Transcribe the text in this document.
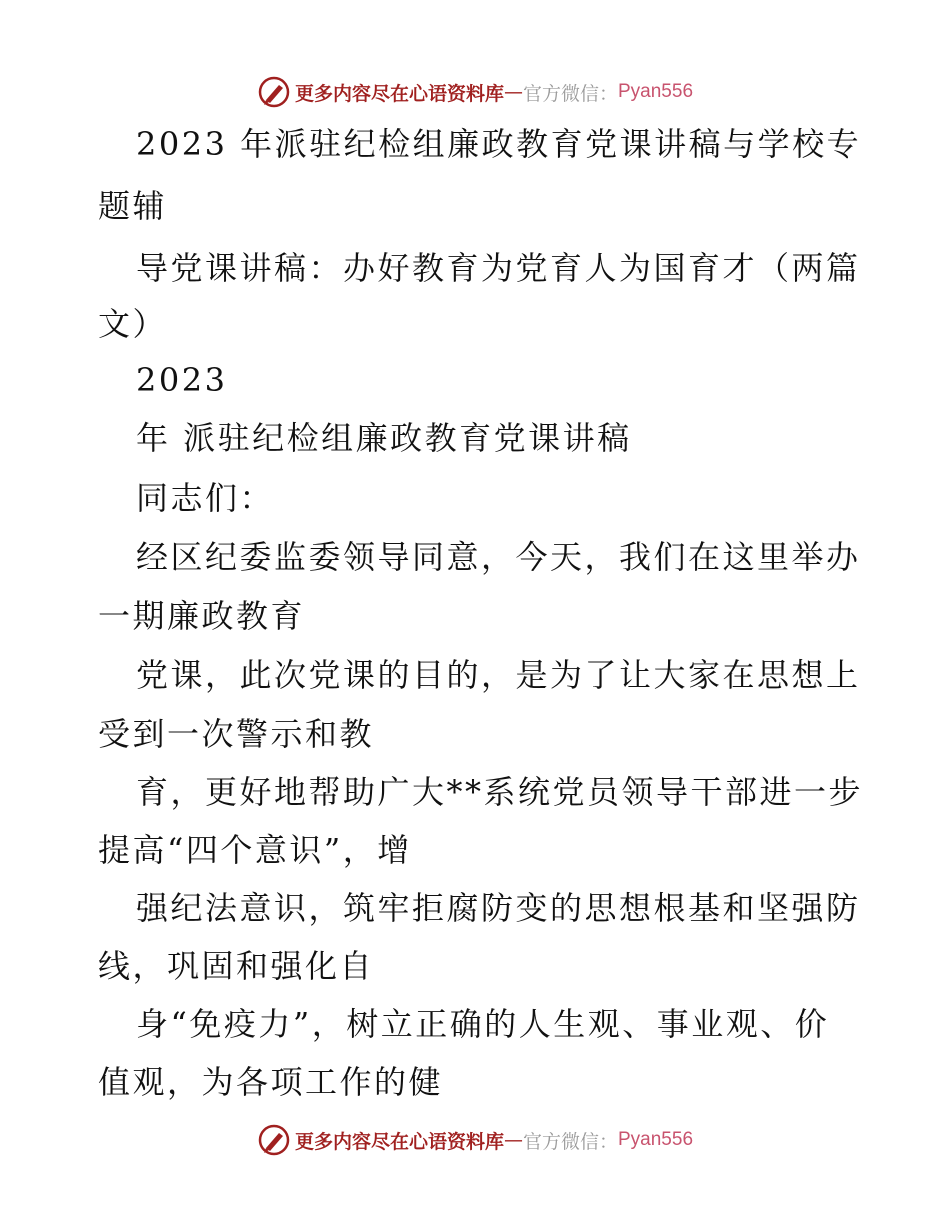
更多内容尽在心语资料库 — 官方微信： Pyan556
2023 年派驻纪检组廉政教育党课讲稿与学校专
题辅
导党课讲稿：办好教育为党育人为国育才（两篇
文）
2023
年 派驻纪检组廉政教育党课讲稿
同志们：
经区纪委监委领导同意，今天，我们在这里举办
一期廉政教育
党课，此次党课的目的，是为了让大家在思想上
受到一次警示和教
育，更好地帮助广大**系统党员领导干部进一步
提高“四个意识”，增
强纪法意识，筑牢拒腐防变的思想根基和坚强防
线，巩固和强化自
身“免疫力”，树立正确的人生观、事业观、价
值观，为各项工作的健
更多内容尽在心语资料库 — 官方微信： Pyan556
